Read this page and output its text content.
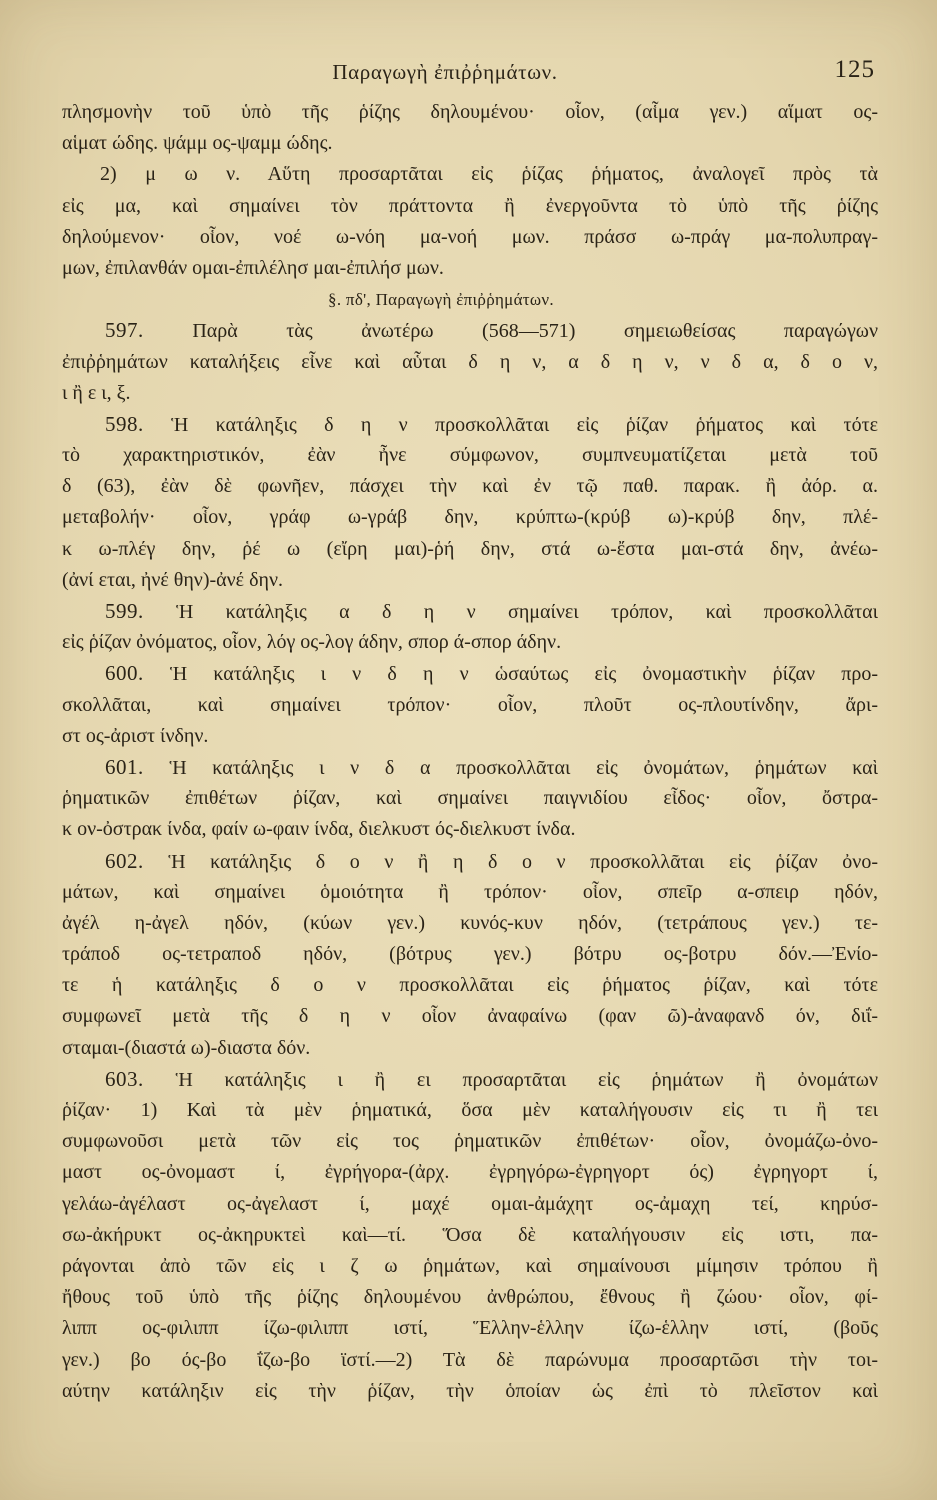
Παραγωγὴ ἐπιῤῥημάτων.	125
πλησμονὴν τοῦ ὑπὸ τῆς ῥίζης δηλουμένου· οἷον, (αἷμα γεν.) αἵματ ος-
αἱματ ώδης. ψάμμ ος-ψαμμ ώδης.
2) μ ω ν. Αὕτη προσαρτᾶται εἰς ῥίζας ῥήματος, ἀναλογεῖ πρὸς τὰ
εἰς μα, καὶ σημαίνει τὸν πράττοντα ἢ ἐνεργοῦντα τὸ ὑπὸ τῆς ῥίζης
δηλούμενον· οἷον, νοέ ω-νόη μα-νοή μων. πράσσ ω-πράγ μα-πολυπραγ-
μων, ἐπιλανθάν ομαι-ἐπιλέλησ μαι-ἐπιλήσ μων.
§. πδ', Παραγωγὴ ἐπιῤῥημάτων.
597. Παρὰ τὰς ἀνωτέρω (568—571) σημειωθείσας παραγώγων
ἐπιῤῥημάτων καταλήξεις εἶνε καὶ αὗται δ η ν, α δ η ν, ν δ α, δ ο ν,
ι ἢ ε ι, ξ.
598. Ἡ κατάληξις δ η ν προσκολλᾶται εἰς ῥίζαν ῥήματος καὶ τότε
τὸ χαρακτηριστικόν, ἐὰν ἦνε σύμφωνον, συμπνευματίζεται μετὰ τοῦ
δ (63), ἐὰν δὲ φωνῆεν, πάσχει τὴν καὶ ἐν τῷ παθ. παρακ. ἢ ἀόρ. α.
μεταβολήν· οἷον, γράφ ω-γράβ δην, κρύπτω-(κρύβ ω)-κρύβ δην, πλέ-
κ ω-πλέγ δην, ῥέ ω (εἴρη μαι)-ῥή δην, στά ω-ἔστα μαι-στά δην, ἀνέω-
(ἀνί εται, ἠνέ θην)-ἀνέ δην.
599. Ἡ κατάληξις α δ η ν σημαίνει τρόπον, καὶ προσκολλᾶται
εἰς ῥίζαν ὀνόματος, οἷον, λόγ ος-λογ άδην, σπορ ά-σπορ άδην.
600. Ἡ κατάληξις ι ν δ η ν ὡσαύτως εἰς ὀνομαστικὴν ῥίζαν προ-
σκολλᾶται, καὶ σημαίνει τρόπον· οἷον, πλοῦτ ος-πλουτίνδην, ἄρι-
στ ος-ἀριστ ίνδην.
601. Ἡ κατάληξις ι ν δ α προσκολλᾶται εἰς ὀνομάτων, ῥημάτων καὶ
ῥηματικῶν ἐπιθέτων ῥίζαν, καὶ σημαίνει παιγνιδίου εἶδος· οἷον, ὄστρα-
κ ον-ὀστρακ ίνδα, φαίν ω-φαιν ίνδα, διελκυστ ός-διελκυστ ίνδα.
602. Ἡ κατάληξις δ ο ν ἢ η δ ο ν προσκολλᾶται εἰς ῥίζαν ὀνο-
μάτων, καὶ σημαίνει ὁμοιότητα ἢ τρόπον· οἷον, σπεῖρ α-σπειρ ηδόν,
ἀγέλ η-ἀγελ ηδόν, (κύων γεν.) κυνός-κυν ηδόν, (τετράπους γεν.) τε-
τράποδ ος-τετραποδ ηδόν, (βότρυς γεν.) βότρυ ος-βοτρυ δόν.—Ἐνίο-
τε ἡ κατάληξις δ ο ν προσκολλᾶται εἰς ῥήματος ῥίζαν, καὶ τότε
συμφωνεῖ μετὰ τῆς δ η ν οἷον ἀναφαίνω (φαν ῶ)-ἀναφανδ όν, διΐ-
σταμαι-(διαστά ω)-διαστα δόν.
603. Ἡ κατάληξις ι ἢ ει προσαρτᾶται εἰς ῥημάτων ἢ ὀνομάτων
ῥίζαν· 1) Καὶ τὰ μὲν ῥηματικά, ὅσα μὲν καταλήγουσιν εἰς τι ἢ τει
συμφωνοῦσι μετὰ τῶν εἰς τος ῥηματικῶν ἐπιθέτων· οἷον, ὀνομάζω-ὀνο-
μαστ ος-ὀνομαστ ί, ἐγρήγορα-(ἀρχ. ἐγρηγόρω-ἐγρηγορτ ός) ἐγρηγορτ ί,
γελάω-ἀγέλαστ ος-ἀγελαστ ί, μαχέ ομαι-ἀμάχητ ος-ἀμαχη τεί, κηρύσ-
σω-ἀκήρυκτ ος-ἀκηρυκτεὶ καὶ—τί. Ὅσα δὲ καταλήγουσιν εἰς ιστι, πα-
ράγονται ἀπὸ τῶν εἰς ι ζ ω ῥημάτων, καὶ σημαίνουσι μίμησιν τρόπου ἢ
ἤθους τοῦ ὑπὸ τῆς ῥίζης δηλουμένου ἀνθρώπου, ἔθνους ἢ ζώου· οἷον, φί-
λιππ ος-φιλιππ ίζω-φιλιππ ιστί, Ἕλλην-ἑλλην ίζω-ἑλλην ιστί, (βοῦς
γεν.) βο ός-βο ΐζω-βο ϊστί.—2) Τὰ δὲ παρώνυμα προσαρτῶσι τὴν τοι-
αύτην κατάληξιν εἰς τὴν ῥίζαν, τὴν ὁποίαν ὡς ἐπὶ τὸ πλεῖστον καὶ
